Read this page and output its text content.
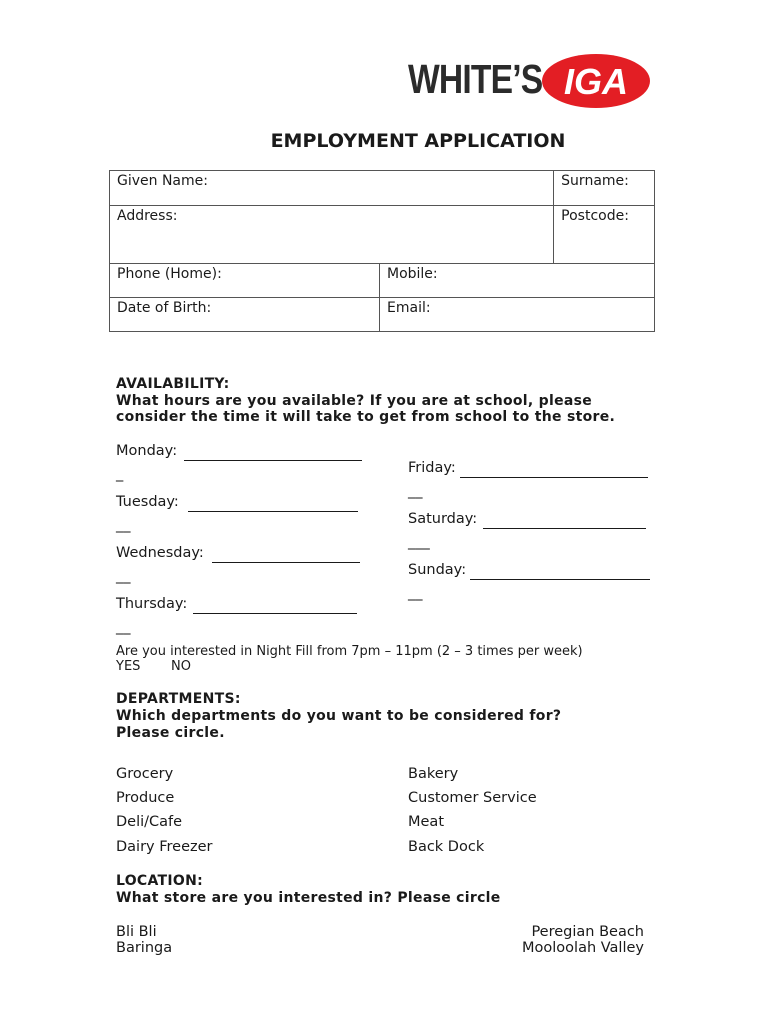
WHITE’S IGA
EMPLOYMENT APPLICATION
Given Name:		Surname:
Address:		Postcode:
Phone (Home):	Mobile:	
Date of Birth:	Email:	
AVAILABILITY:
What hours are you available? If you are at school, please
consider the time it will take to get from school to the store.
Monday:
_
Tuesday:
__
Wednesday:
__
Thursday:
__
Friday:
__
Saturday:
___
Sunday:
__
Are you interested in Night Fill from 7pm – 11pm (2 – 3 times per week)
YES NO
DEPARTMENTS:
Which departments do you want to be considered for?
Please circle.
Grocery
Produce
Deli/Cafe
Dairy Freezer
Bakery
Customer Service
Meat
Back Dock
LOCATION:
What store are you interested in? Please circle
Bli Bli
Baringa
Peregian Beach
Mooloolah Valley
